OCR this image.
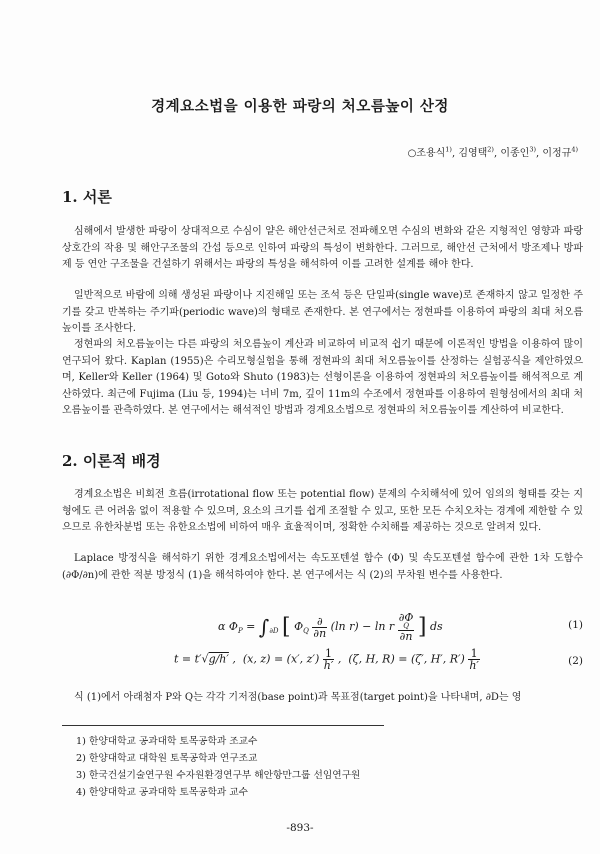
경계요소법을 이용한 파랑의 처오름높이 산정
○조용식$^{1)}$, 김영택$^{2)}$, 이종인$^{3)}$, 이정규$^{4)}$
1. 서론

심해에서 발생한 파랑이 상대적으로 수심이 얕은 해안선근처로 전파해오면 수심의 변화와 같은 지형적인 영향과 파랑 상호간의 작용 및 해안구조물의 간섭 등으로 인하여 파랑의 특성이 변화한다. 그러므로, 해안선 근처에서 방조제나 방파제 등 연안 구조물을 건설하기 위해서는 파랑의 특성을 해석하여 이를 고려한 설계를 해야 한다.

일반적으로 바람에 의해 생성된 파랑이나 지진해일 또는 조석 등은 단일파(single wave)로 존재하지 않고 일정한 주기를 갖고 반복하는 주기파(periodic wave)의 형태로 존재한다. 본 연구에서는 정현파를 이용하여 파랑의 최대 처오름높이를 조사한다.

정현파의 처오름높이는 다른 파랑의 처오름높이 계산과 비교하여 비교적 쉽기 때문에 이론적인 방법을 이용하여 많이 연구되어 왔다. Kaplan (1955)은 수리모형실험을 통해 정현파의 최대 처오름높이를 산정하는 실험공식을 제안하였으며, Keller와 Keller (1964) 및 Goto와 Shuto (1983)는 선형이론을 이용하여 정현파의 처오름높이를 해석적으로 계산하였다. 최근에 Fujima (Liu 등, 1994)는 너비 7m, 깊이 11m의 수조에서 정현파를 이용하여 원형섬에서의 최대 처오름높이를 관측하였다. 본 연구에서는 해석적인 방법과 경계요소법으로 정현파의 처오름높이를 계산하여 비교한다.

2. 이론적 배경

경계요소법은 비회전 흐름(irrotational flow 또는 potential flow) 문제의 수치해석에 있어 임의의 형태를 갖는 지형에도 큰 어려움 없이 적용할 수 있으며, 요소의 크기를 쉽게 조절할 수 있고, 또한 모든 수치오차는 경계에 제한할 수 있으므로 유한차분법 또는 유한요소법에 비하여 매우 효율적이며, 정확한 수치해를 제공하는 것으로 알려져 있다.

Laplace 방정식을 해석하기 위한 경계요소법에서는 속도포텐셜 함수 (Φ) 및 속도포텐셜 함수에 관한 1차 도함수 (∂Φ/∂n)에 관한 적분 방정식 (1)을 해석하여야 한다. 본 연구에서는 식 (2)의 무차원 변수를 사용한다.

α $\Phi_P = \int_{\partial D}$ [ $\Phi_Q \frac{\partial}{\partial n} (\ln$ r) − ln r ∂Φ
Q
∂n ] ds	(1)
t = t′√g/h′ ,  (x, z) = (x′, $z') \frac{1}{h'}$ ,  (ζ, H, R) = (ζ′, H′, $R') \frac{1}{h'}$	(2)

식 (1)에서 아래첨자 P와 Q는 각각 기저점(base point)과 목표점(target point)을 나타내며, ∂D는 영

1) 한양대학교 공과대학 토목공학과 조교수
2) 한양대학교 대학원 토목공학과 연구조교
3) 한국건설기술연구원 수자원환경연구부 해안항만그룹 선임연구원
4) 한양대학교 공과대학 토목공학과 교수
-893-
